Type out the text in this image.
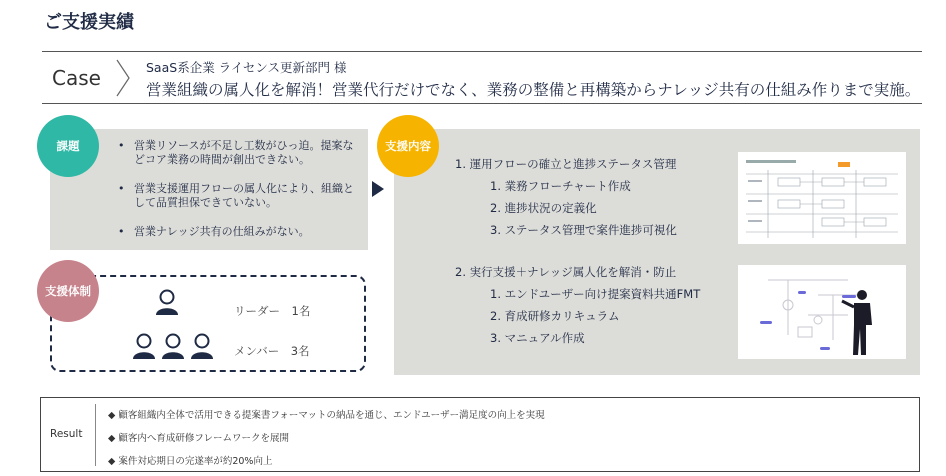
ご支援実績
Case	SaaS系企業 ライセンス更新部門 様
営業組織の属人化を解消！営業代行だけでなく、業務の整備と再構築からナレッジ共有の仕組み作りまで実施。
課題
•	営業リソースが不足し工数がひっ迫。提案などコア業務の時間が創出できない。
• 営業支援運用フローの属人化により、組織として品質担保できていない。
• 営業ナレッジ共有の仕組みがない。
支援内容
1. 運用フローの確立と進捗ステータス管理
1. 業務フローチャート作成
2. 進捗状況の定義化
3. ステータス管理で案件進捗可視化
2. 実行支援＋ナレッジ属人化を解消・防止
1. エンドユーザー向け提案資料共通FMT
2. 育成研修カリキュラム
3. マニュアル作成
支援体制
リーダー　1名
メンバー　3名
Result
◆ 顧客組織内全体で活用できる提案書フォーマットの納品を通じ、エンドユーザー満足度の向上を実現
◆ 顧客内へ育成研修フレームワークを展開
◆ 案件対応期日の完遂率が約20%向上
